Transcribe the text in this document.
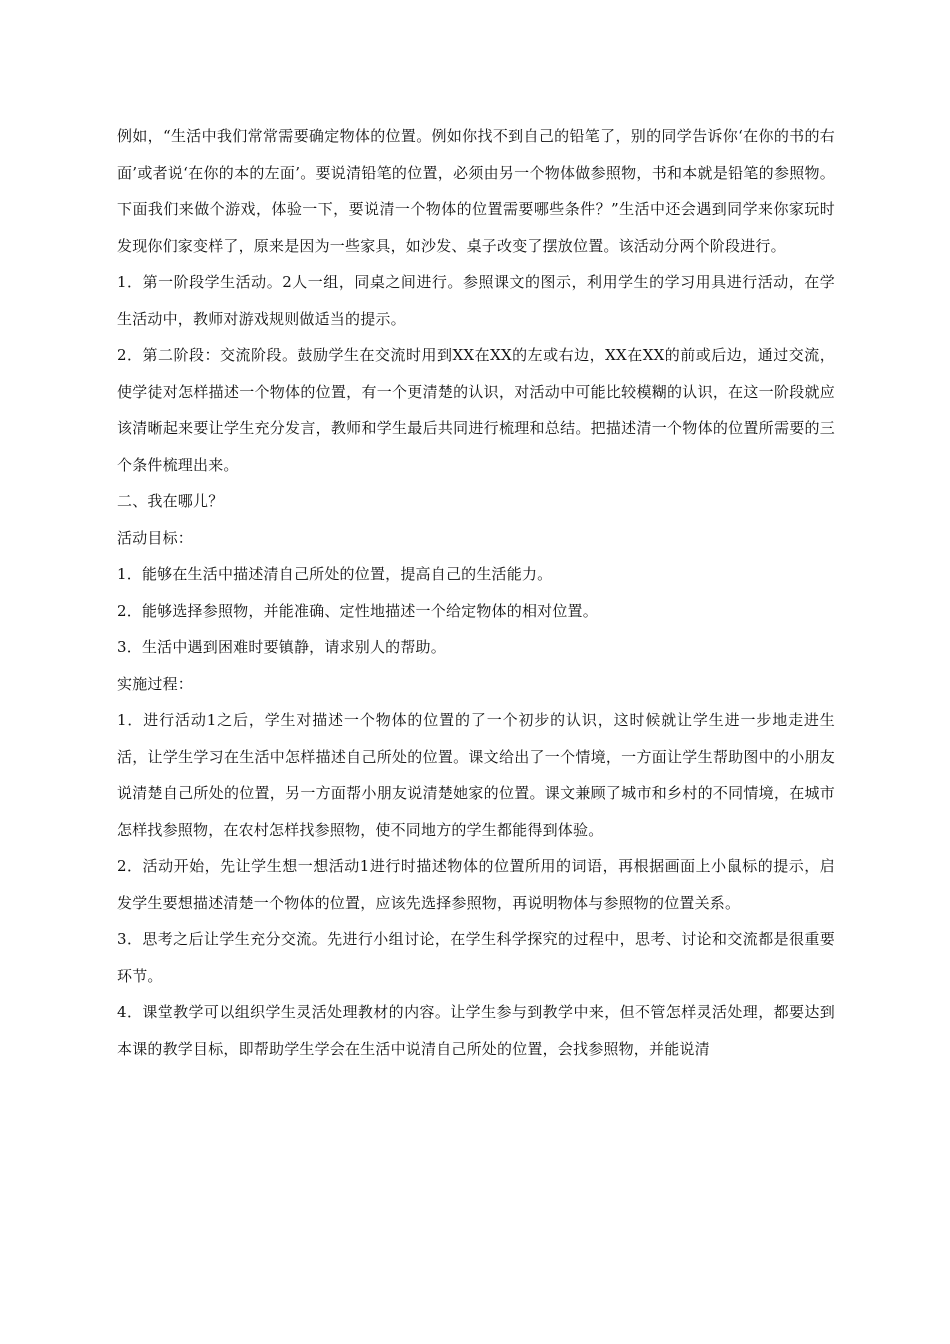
例如，“生活中我们常常需要确定物体的位置。例如你找不到自己的铅笔了，别的同学告诉你‘在你的书的右面’或者说‘在你的本的左面’。要说清铅笔的位置，必须由另一个物体做参照物，书和本就是铅笔的参照物。下面我们来做个游戏，体验一下，要说清一个物体的位置需要哪些条件？”生活中还会遇到同学来你家玩时发现你们家变样了，原来是因为一些家具，如沙发、桌子改变了摆放位置。该活动分两个阶段进行。

1．第一阶段学生活动。2人一组，同桌之间进行。参照课文的图示，利用学生的学习用具进行活动，在学生活动中，教师对游戏规则做适当的提示。

2．第二阶段：交流阶段。鼓励学生在交流时用到XX在XX的左或右边，XX在XX的前或后边，通过交流，使学徒对怎样描述一个物体的位置，有一个更清楚的认识，对活动中可能比较模糊的认识，在这一阶段就应该清晰起来要让学生充分发言，教师和学生最后共同进行梳理和总结。把描述清一个物体的位置所需要的三个条件梳理出来。

二、我在哪儿？

活动目标：

1．能够在生活中描述清自己所处的位置，提高自己的生活能力。

2．能够选择参照物，并能准确、定性地描述一个给定物体的相对位置。

3．生活中遇到困难时要镇静，请求别人的帮助。

实施过程：

1．进行活动1之后，学生对描述一个物体的位置的了一个初步的认识，这时候就让学生进一步地走进生活，让学生学习在生活中怎样描述自己所处的位置。课文给出了一个情境，一方面让学生帮助图中的小朋友说清楚自己所处的位置，另一方面帮小朋友说清楚她家的位置。课文兼顾了城市和乡村的不同情境，在城市怎样找参照物，在农村怎样找参照物，使不同地方的学生都能得到体验。

2．活动开始，先让学生想一想活动1进行时描述物体的位置所用的词语，再根据画面上小鼠标的提示，启发学生要想描述清楚一个物体的位置，应该先选择参照物，再说明物体与参照物的位置关系。

3．思考之后让学生充分交流。先进行小组讨论，在学生科学探究的过程中，思考、讨论和交流都是很重要环节。

4．课堂教学可以组织学生灵活处理教材的内容。让学生参与到教学中来，但不管怎样灵活处理，都要达到本课的教学目标，即帮助学生学会在生活中说清自己所处的位置，会找参照物，并能说清
